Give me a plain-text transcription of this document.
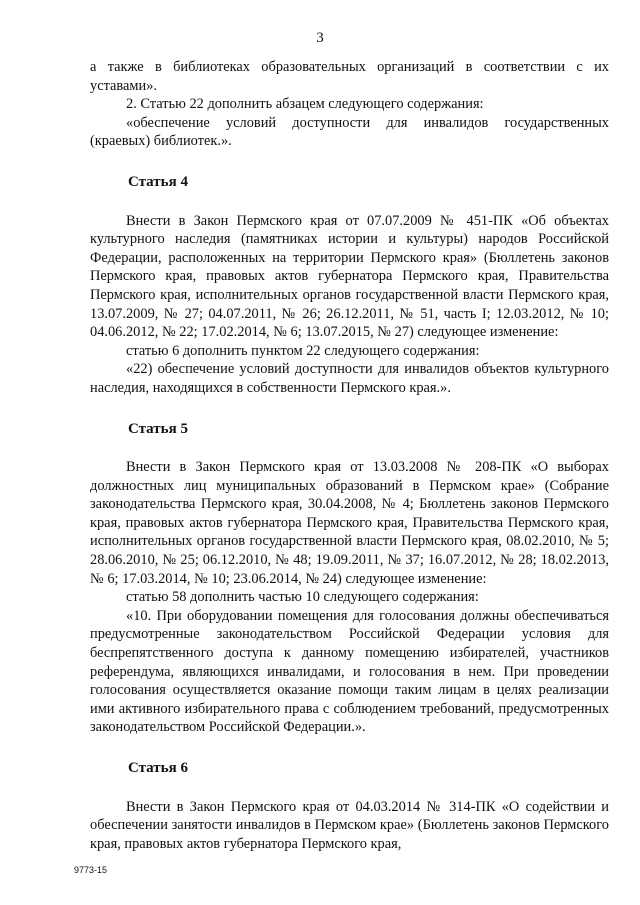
3

а также в библиотеках образовательных организаций в соответствии с их уставами».

2. Статью 22 дополнить абзацем следующего содержания:

«обеспечение условий доступности для инвалидов государственных (краевых) библиотек.».

Статья 4

Внести в Закон Пермского края от 07.07.2009 № 451-ПК «Об объектах культурного наследия (памятниках истории и культуры) народов Российской Федерации, расположенных на территории Пермского края» (Бюллетень законов Пермского края, правовых актов губернатора Пермского края, Правительства Пермского края, исполнительных органов государственной власти Пермского края, 13.07.2009, № 27; 04.07.2011, № 26; 26.12.2011, № 51, часть I; 12.03.2012, № 10; 04.06.2012, № 22; 17.02.2014, № 6; 13.07.2015, № 27) следующее изменение:

статью 6 дополнить пунктом 22 следующего содержания:

«22) обеспечение условий доступности для инвалидов объектов культурного наследия, находящихся в собственности Пермского края.».

Статья 5

Внести в Закон Пермского края от 13.03.2008 № 208-ПК «О выборах должностных лиц муниципальных образований в Пермском крае» (Собрание законодательства Пермского края, 30.04.2008, № 4; Бюллетень законов Пермского края, правовых актов губернатора Пермского края, Правительства Пермского края, исполнительных органов государственной власти Пермского края, 08.02.2010, № 5; 28.06.2010, № 25; 06.12.2010, № 48; 19.09.2011, № 37; 16.07.2012, № 28; 18.02.2013, № 6; 17.03.2014, № 10; 23.06.2014, № 24) следующее изменение:

статью 58 дополнить частью 10 следующего содержания:

«10. При оборудовании помещения для голосования должны обеспечиваться предусмотренные законодательством Российской Федерации условия для беспрепятственного доступа к данному помещению избирателей, участников референдума, являющихся инвалидами, и голосования в нем. При проведении голосования осуществляется оказание помощи таким лицам в целях реализации ими активного избирательного права с соблюдением требований, предусмотренных законодательством Российской Федерации.».

Статья 6

Внести в Закон Пермского края от 04.03.2014 № 314-ПК «О содействии и обеспечении занятости инвалидов в Пермском крае» (Бюллетень законов Пермского края, правовых актов губернатора Пермского края,

9773-15
